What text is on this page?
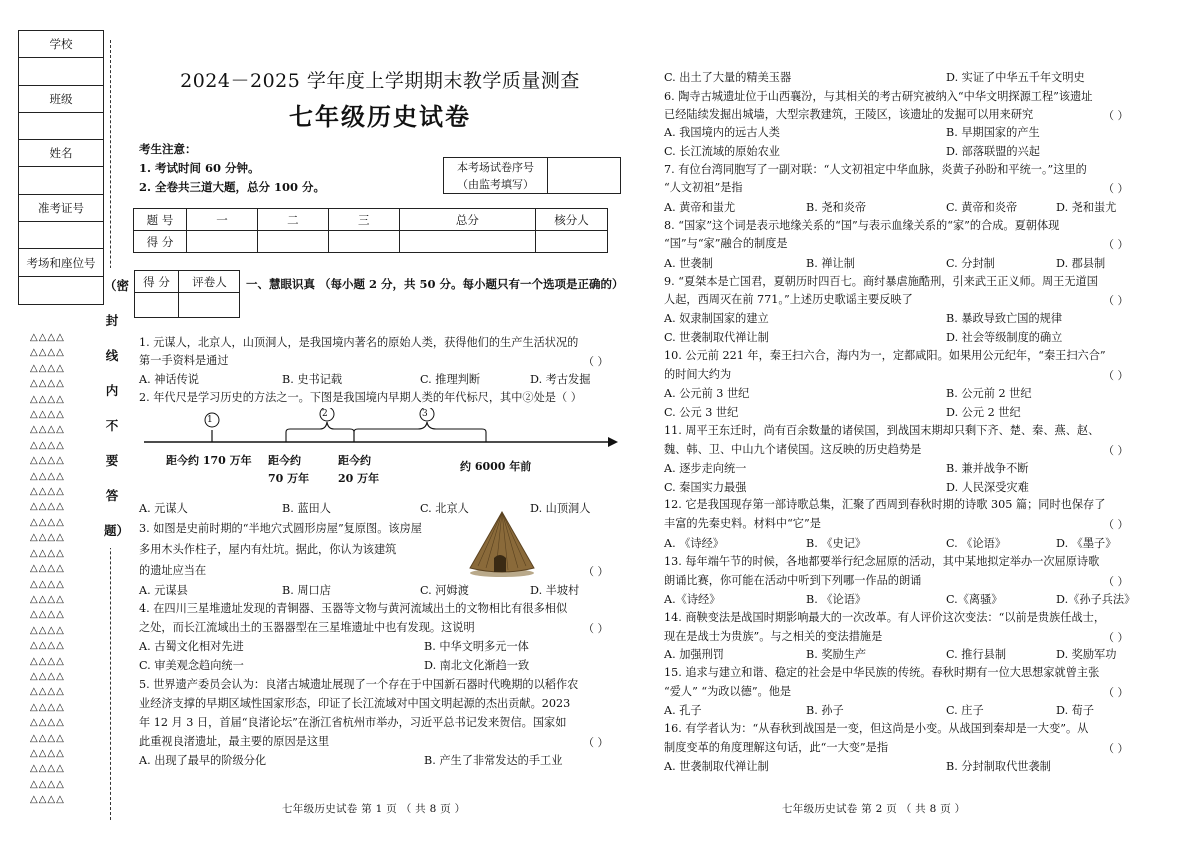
学校
班级
姓名
准考证号
考场和座位号
（密
封
线
内
不
要
答
题）
△△△△
△△△△
△△△△
△△△△
△△△△
△△△△
△△△△
△△△△
△△△△
△△△△
△△△△
△△△△
△△△△
△△△△
△△△△
△△△△
△△△△
△△△△
△△△△
△△△△
△△△△
△△△△
△△△△
△△△△
△△△△
△△△△
△△△△
△△△△
△△△△
△△△△
△△△△
2024－2025 学年度上学期期末教学质量测查
七年级历史试卷
考生注意：
1. 考试时间 60 分钟。
2. 全卷共三道大题，总分 100 分。
本考场试卷序号
（由监考填写）
题 号	一	二	三	总分	核分人
得 分					
得 分	评卷人	一、慧眼识真 （每小题 2 分，共 50 分。每小题只有一个选项是正确的）
1. 元谋人，北京人，山顶洞人，是我国境内著名的原始人类，获得他们的生产生活状况的
第一手资料是通过	（ ）
A. 神话传说	B. 史书记载	C. 推理判断	D. 考古发掘
2. 年代尺是学习历史的方法之一。下图是我国境内早期人类的年代标尺，其中②处是（ ）
1
2	3
距今约 170 万年 距今约
70 万年
距今约
20 万年
约 6000 年前
A. 元谋人	B. 蓝田人	C. 北京人	D. 山顶洞人
3. 如图是史前时期的“半地穴式圆形房屋”复原图。该房屋
多用木头作柱子，屋内有灶坑。据此，你认为该建筑
的遗址应当在	（ ）
A. 元谋县	B. 周口店	C. 河姆渡	D. 半坡村
4. 在四川三星堆遗址发现的青铜器、玉器等文物与黄河流域出土的文物相比有很多相似
之处，而长江流域出土的玉器器型在三星堆遗址中也有发现。这说明	（ ）
A. 古蜀文化相对先进	B. 中华文明多元一体
C. 审美观念趋向统一	D. 南北文化渐趋一致
5. 世界遗产委员会认为：良渚古城遗址展现了一个存在于中国新石器时代晚期的以稻作农
业经济支撑的早期区域性国家形态，印证了长江流域对中国文明起源的杰出贡献。2023
年 12 月 3 日，首届“良渚论坛”在浙江省杭州市举办，习近平总书记发来贺信。国家如
此重视良渚遗址，最主要的原因是这里	（ ）
A. 出现了最早的阶级分化	B. 产生了非常发达的手工业
七年级历史试卷 第 1 页 （ 共 8 页 ）
C. 出土了大量的精美玉器	D. 实证了中华五千年文明史
6. 陶寺古城遗址位于山西襄汾，与其相关的考古研究被纳入“中华文明探源工程”该遗址
已经陆续发掘出城墙，大型宗教建筑，王陵区，该遗址的发掘可以用来研究	（ ）
A. 我国境内的远古人类	B. 早期国家的产生
C. 长江流域的原始农业	D. 部落联盟的兴起
7. 有位台湾同胞写了一副对联：“人文初祖定中华血脉，炎黄子孙盼和平统一。”这里的
“人文初祖”是指	（ ）
A. 黄帝和蚩尤	B. 尧和炎帝	C. 黄帝和炎帝	D. 尧和蚩尤
8. “国家”这个词是表示地缘关系的“国”与表示血缘关系的“家”的合成。夏朝体现
“国”与“家”融合的制度是	（ ）
A. 世袭制	B. 禅让制	C. 分封制	D. 郡县制
9. “夏桀本是亡国君，夏朝历时四百七。商纣暴虐施酷刑，引来武王正义师。周王无道国
人起，西周灭在前 771。”上述历史歌谣主要反映了	（ ）
A. 奴隶制国家的建立	B. 暴政导致亡国的规律
C. 世袭制取代禅让制	D. 社会等级制度的确立
10. 公元前 221 年，秦王扫六合，海内为一，定都咸阳。如果用公元纪年，“秦王扫六合”
的时间大约为	（ ）
A. 公元前 3 世纪	B. 公元前 2 世纪
C. 公元 3 世纪	D. 公元 2 世纪
11. 周平王东迁时，尚有百余数量的诸侯国，到战国末期却只剩下齐、楚、秦、燕、赵、
魏、韩、卫、中山九个诸侯国。这反映的历史趋势是	（ ）
A. 逐步走向统一	B. 兼并战争不断
C. 秦国实力最强	D. 人民深受灾难
12. 它是我国现存第一部诗歌总集，汇聚了西周到春秋时期的诗歌 305 篇；同时也保存了
丰富的先秦史料。材料中“它”是	（ ）
A. 《诗经》	B. 《史记》	C. 《论语》	D. 《墨子》
13. 每年端午节的时候，各地都要举行纪念屈原的活动，其中某地拟定举办一次屈原诗歌
朗诵比赛，你可能在活动中听到下列哪一作品的朗诵	（ ）
A.《诗经》	B. 《论语》	C.《离骚》	D.《孙子兵法》
14. 商鞅变法是战国时期影响最大的一次改革。有人评价这次变法：“以前是贵族任战士，
现在是战士为贵族”。与之相关的变法措施是	（ ）
A. 加强刑罚	B. 奖励生产	C. 推行县制	D. 奖励军功
15. 追求与建立和谐、稳定的社会是中华民族的传统。春秋时期有一位大思想家就曾主张
“爱人” “为政以德”。他是	（ ）
A. 孔子	B. 孙子	C. 庄子	D. 荀子
16. 有学者认为：“从春秋到战国是一变，但这尚是小变。从战国到秦却是一大变”。从
制度变革的角度理解这句话，此“一大变”是指	（ ）
A. 世袭制取代禅让制	B. 分封制取代世袭制
七年级历史试卷 第 2 页 （ 共 8 页 ）
